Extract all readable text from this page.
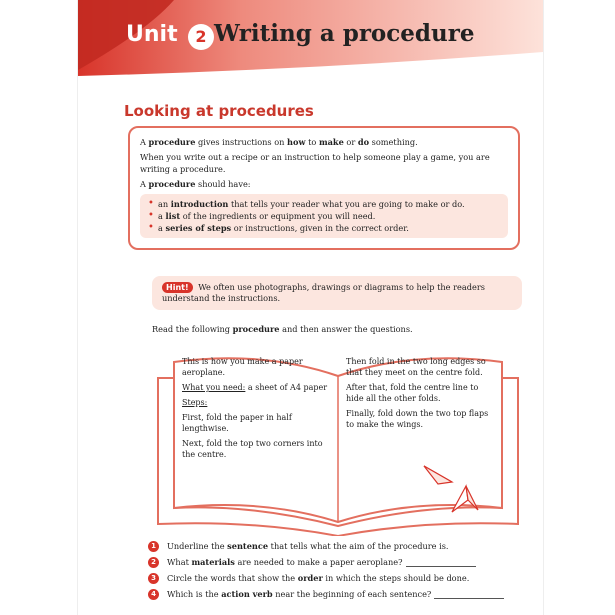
Unit	2 Writing a procedure
Looking at procedures

A procedure gives instructions on how to make or do something.

When you write out a recipe or an instruction to help someone play a game, you are writing a procedure.

A procedure should have:

• an introduction that tells your reader what you are going to make or do.
• a list of the ingredients or equipment you will need.
• a series of steps or instructions, given in the correct order.
Hint! We often use photographs, drawings or diagrams to help the readers understand the instructions.
Read the following procedure and then answer the questions.

This is how you make a paper aeroplane.

What you need: a sheet of A4 paper

Steps:

First, fold the paper in half lengthwise.

Next, fold the top two corners into the centre.

Then fold in the two long edges so that they meet on the centre fold.

After that, fold the centre line to hide all the other folds.

Finally, fold down the two top flaps to make the wings.

1	Underline the sentence that tells what the aim of the procedure is.
2	What materials are needed to make a paper aeroplane?
3	Circle the words that show the order in which the steps should be done.
4	Which is the action verb near the beginning of each sentence?
